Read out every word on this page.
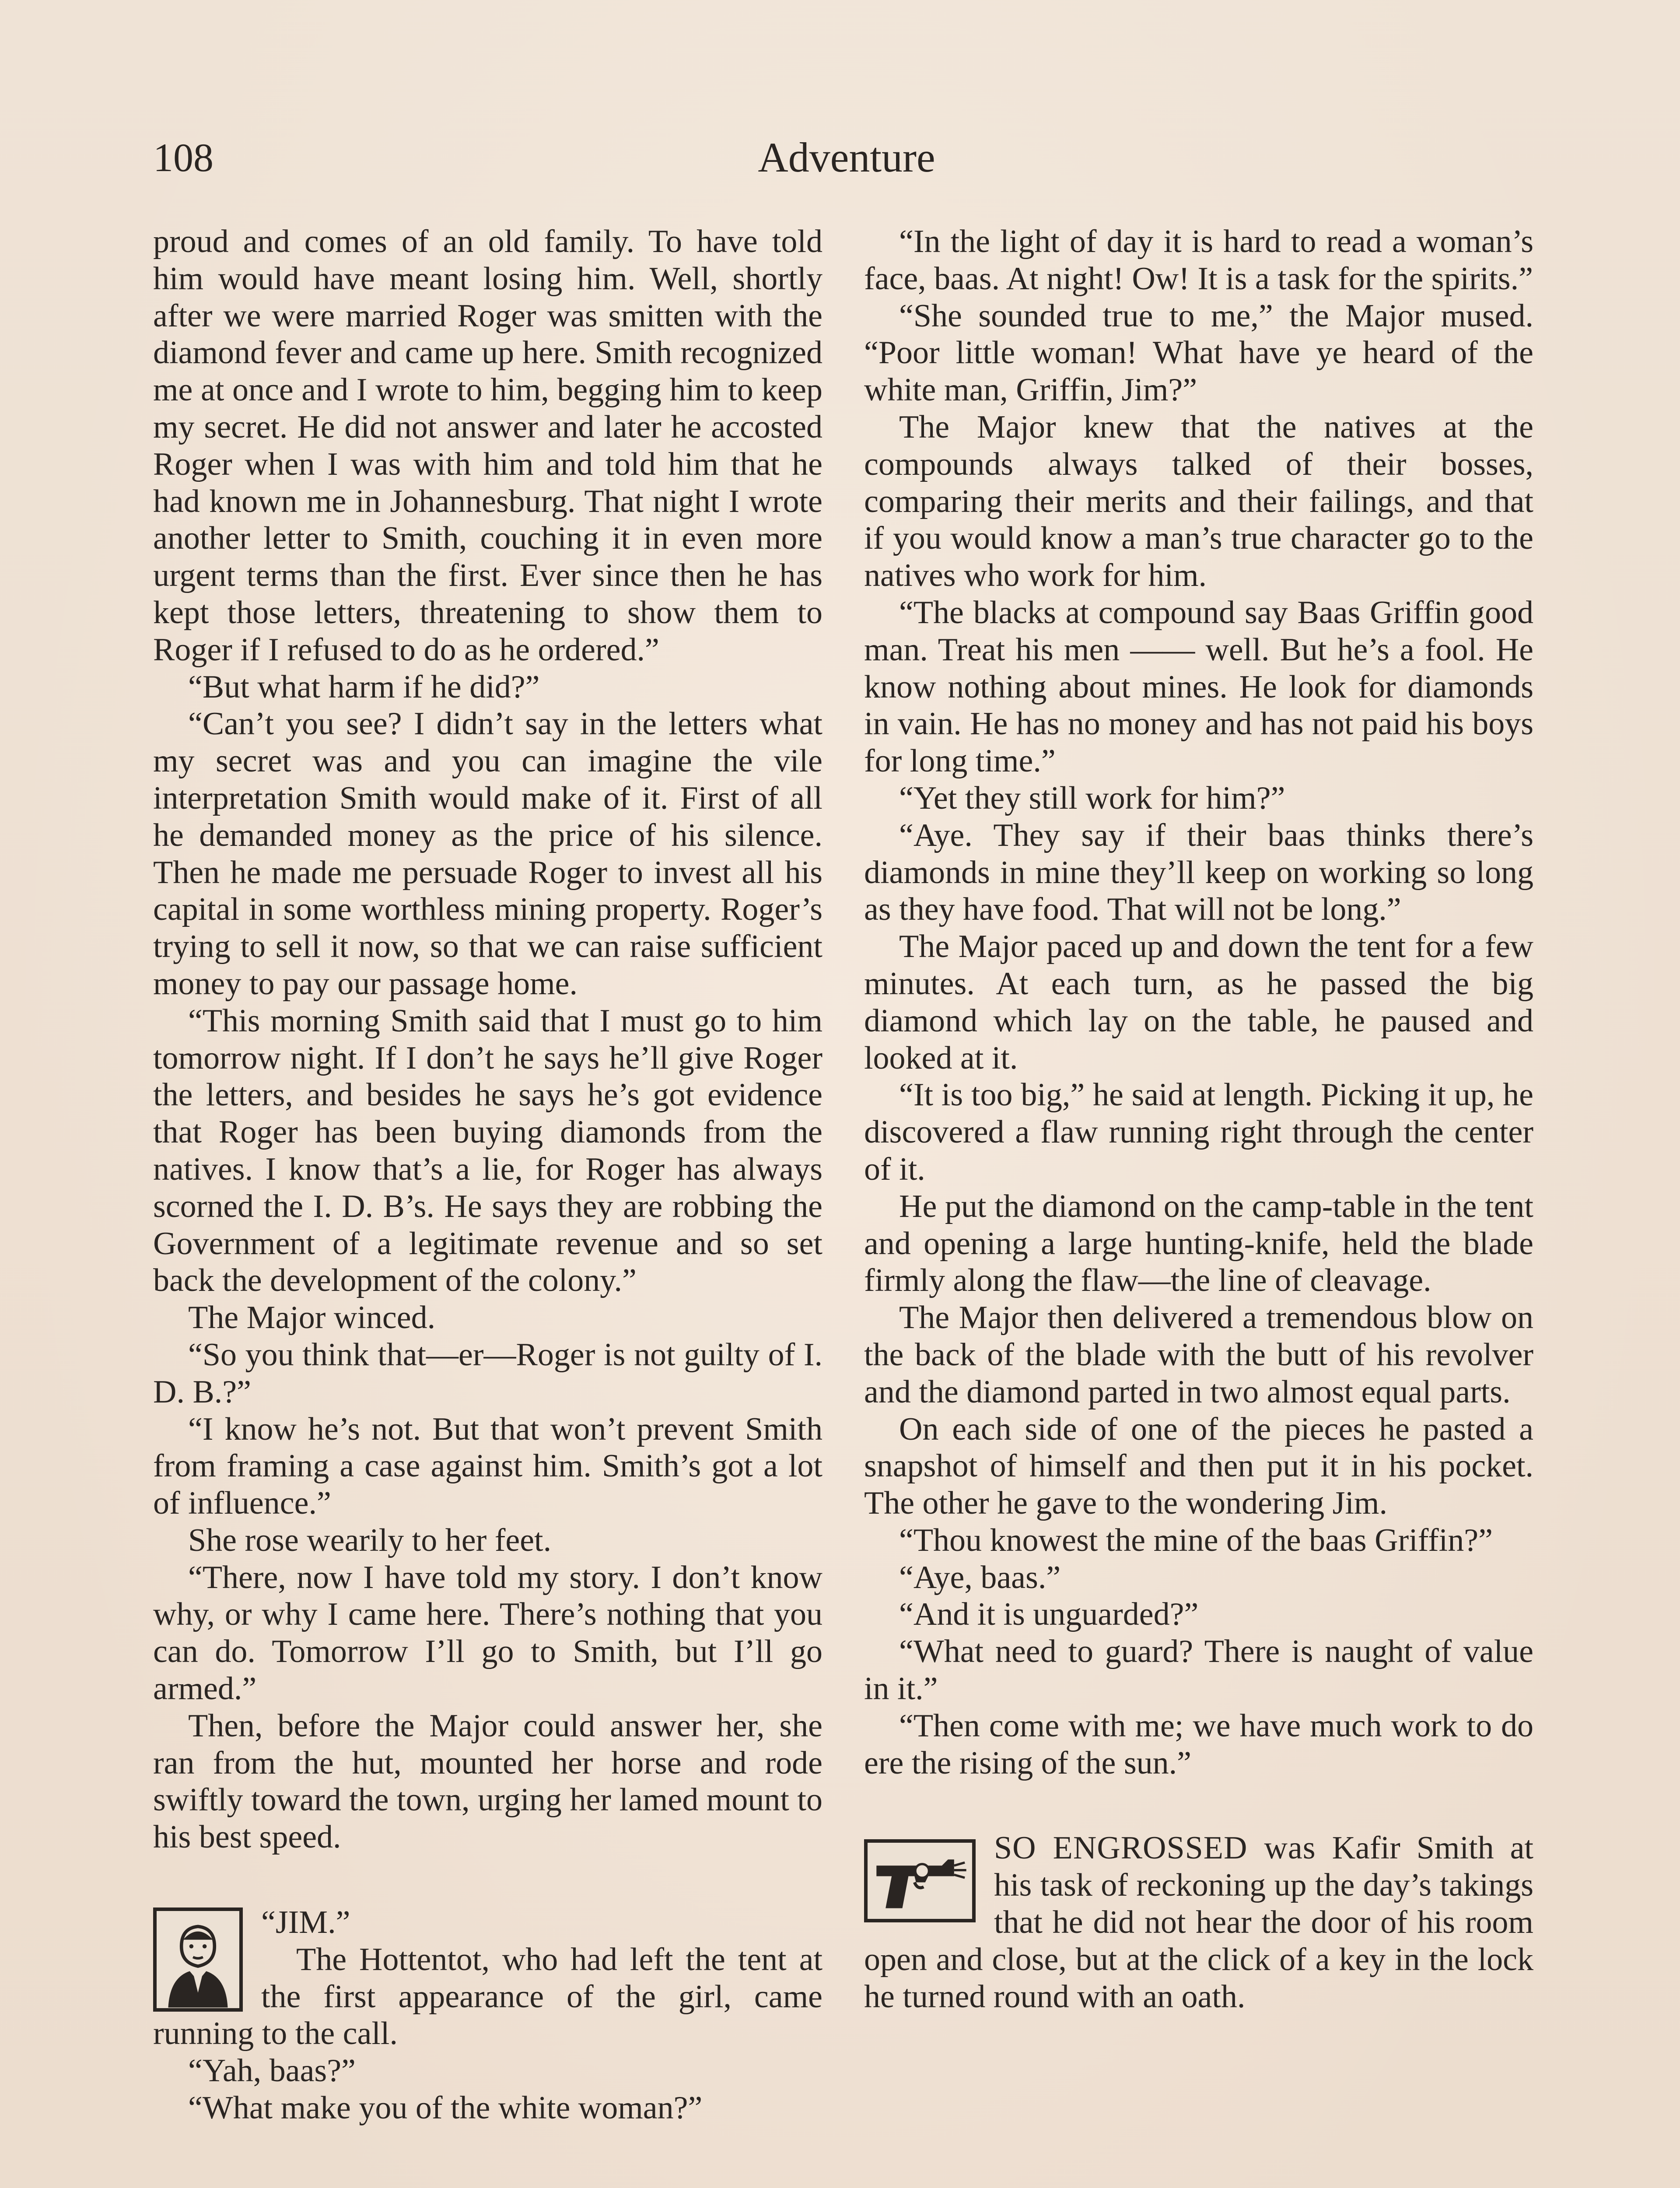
108	Adventure

proud and comes of an old family. To have told him would have meant losing him. Well, shortly after we were married Roger was smitten with the diamond fever and came up here. Smith recognized me at once and I wrote to him, begging him to keep my secret. He did not answer and later he accosted Roger when I was with him and told him that he had known me in Johannesburg. That night I wrote another letter to Smith, couching it in even more urgent terms than the first. Ever since then he has kept those letters, threatening to show them to Roger if I refused to do as he ordered.”

“But what harm if he did?”

“Can’t you see? I didn’t say in the letters what my secret was and you can imagine the vile interpretation Smith would make of it. First of all he demanded money as the price of his silence. Then he made me persuade Roger to invest all his capital in some worthless mining property. Roger’s trying to sell it now, so that we can raise sufficient money to pay our passage home.

“This morning Smith said that I must go to him tomorrow night. If I don’t he says he’ll give Roger the letters, and besides he says he’s got evidence that Roger has been buying diamonds from the natives. I know that’s a lie, for Roger has always scorned the I. D. B’s. He says they are robbing the Government of a legitimate revenue and so set back the development of the colony.”

The Major winced.

“So you think that—er—Roger is not guilty of I. D. B.?”

“I know he’s not. But that won’t prevent Smith from framing a case against him. Smith’s got a lot of influence.”

She rose wearily to her feet.

“There, now I have told my story. I don’t know why, or why I came here. There’s nothing that you can do. Tomorrow I’ll go to Smith, but I’ll go armed.”

Then, before the Major could answer her, she ran from the hut, mounted her horse and rode swiftly toward the town, urging her lamed mount to his best speed.

“JIM.”

The Hottentot, who had left the tent at the first appearance of the girl, came running to the call.

“Yah, baas?”

“What make you of the white woman?”

“In the light of day it is hard to read a woman’s face, baas. At night! Ow! It is a task for the spirits.”

“She sounded true to me,” the Major mused. “Poor little woman! What have ye heard of the white man, Griffin, Jim?”

The Major knew that the natives at the compounds always talked of their bosses, comparing their merits and their failings, and that if you would know a man’s true character go to the natives who work for him.

“The blacks at compound say Baas Griffin good man. Treat his men —— well. But he’s a fool. He know nothing about mines. He look for diamonds in vain. He has no money and has not paid his boys for long time.”

“Yet they still work for him?”

“Aye. They say if their baas thinks there’s diamonds in mine they’ll keep on working so long as they have food. That will not be long.”

The Major paced up and down the tent for a few minutes. At each turn, as he passed the big diamond which lay on the table, he paused and looked at it.

“It is too big,” he said at length. Picking it up, he discovered a flaw running right through the center of it.

He put the diamond on the camp-table in the tent and opening a large hunting-knife, held the blade firmly along the flaw—the line of cleavage.

The Major then delivered a tremendous blow on the back of the blade with the butt of his revolver and the diamond parted in two almost equal parts.

On each side of one of the pieces he pasted a snapshot of himself and then put it in his pocket. The other he gave to the wondering Jim.

“Thou knowest the mine of the baas Griffin?”

“Aye, baas.”

“And it is unguarded?”

“What need to guard? There is naught of value in it.”

“Then come with me; we have much work to do ere the rising of the sun.”

SO ENGROSSED was Kafir Smith at his task of reckoning up the day’s takings that he did not hear the door of his room open and close, but at the click of a key in the lock he turned round with an oath.
